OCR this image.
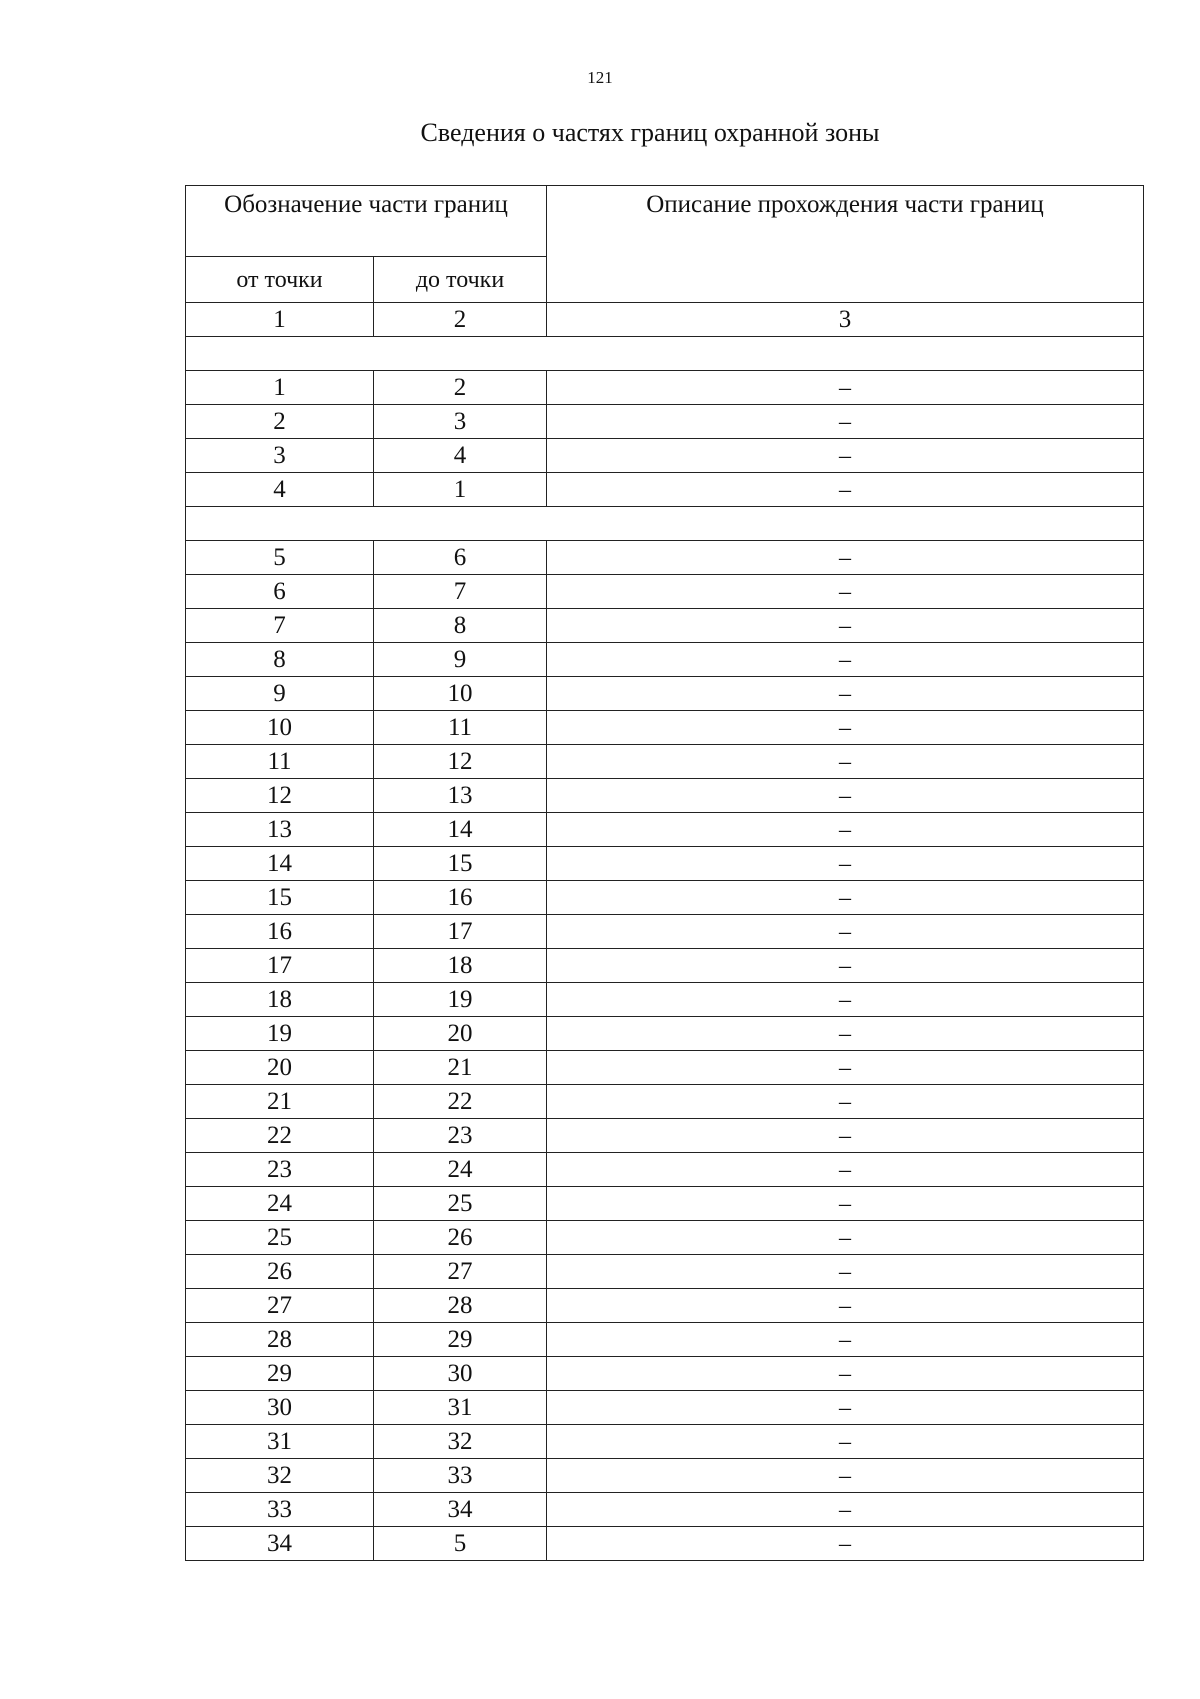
121
Сведения о частях границ охранной зоны
Обозначение части границ		Описание прохождения части границ
от точки	до точки	
1	2	3

1	2	–
2	3	–
3	4	–
4	1	–

5	6	–
6	7	–
7	8	–
8	9	–
9	10	–
10	11	–
11	12	–
12	13	–
13	14	–
14	15	–
15	16	–
16	17	–
17	18	–
18	19	–
19	20	–
20	21	–
21	22	–
22	23	–
23	24	–
24	25	–
25	26	–
26	27	–
27	28	–
28	29	–
29	30	–
30	31	–
31	32	–
32	33	–
33	34	–
34	5	–
